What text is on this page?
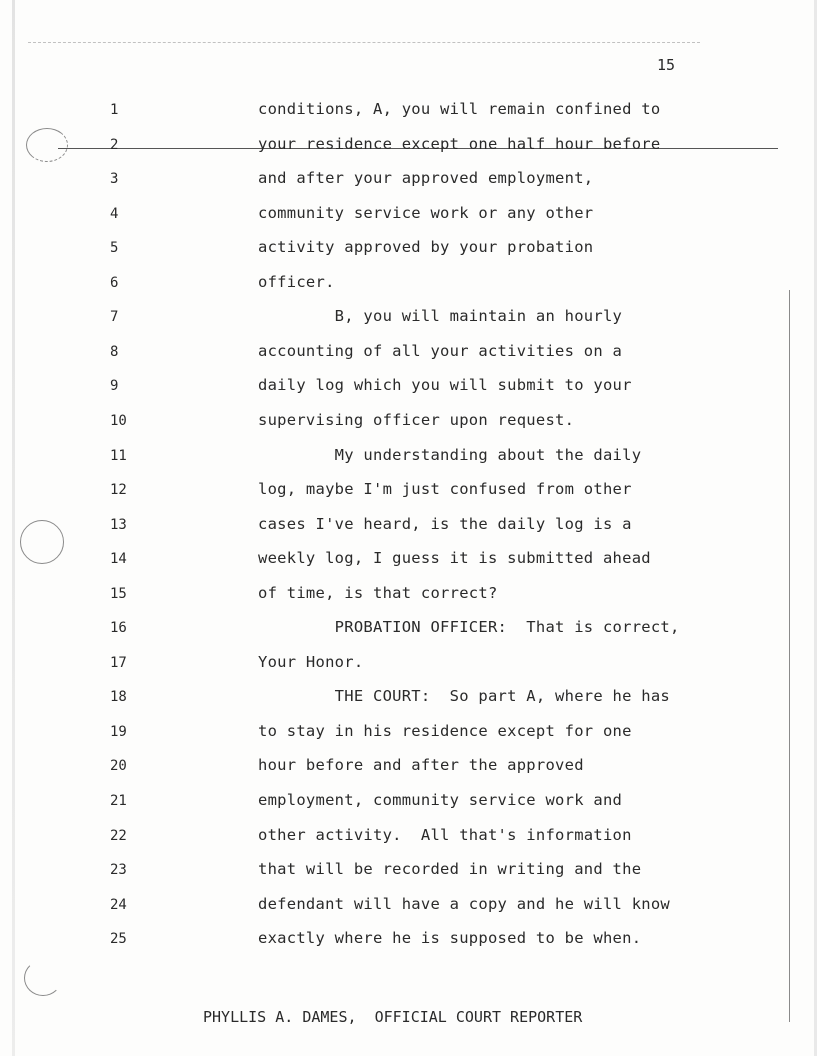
15
1	conditions, A, you will remain confined to
2	your residence except one half hour before
3	and after your approved employment,
4	community service work or any other
5	activity approved by your probation
6	officer.
7	B, you will maintain an hourly
8	accounting of all your activities on a
9	daily log which you will submit to your
10	supervising officer upon request.
11	My understanding about the daily
12	log, maybe I'm just confused from other
13	cases I've heard, is the daily log is a
14	weekly log, I guess it is submitted ahead
15	of time, is that correct?
16	PROBATION OFFICER:  That is correct,
17	Your Honor.
18	THE COURT:  So part A, where he has
19	to stay in his residence except for one
20	hour before and after the approved
21	employment, community service work and
22	other activity.  All that's information
23	that will be recorded in writing and the
24	defendant will have a copy and he will know
25	exactly where he is supposed to be when.
PHYLLIS A. DAMES,  OFFICIAL COURT REPORTER
